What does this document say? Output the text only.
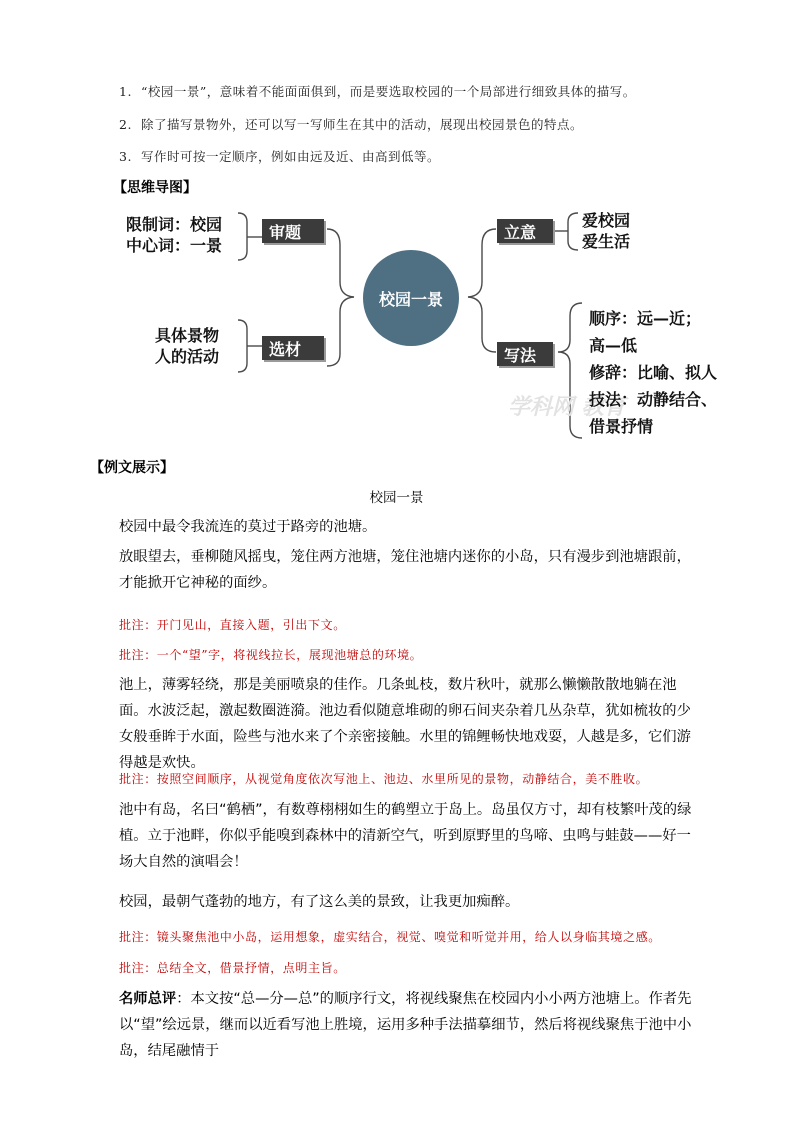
1. “校园一景”，意味着不能面面俱到，而是要选取校园的一个局部进行细致具体的描写。
2. 除了描写景物外，还可以写一写师生在其中的活动，展现出校园景色的特点。
3. 写作时可按一定顺序，例如由远及近、由高到低等。
【思维导图】
限制词：校园
中心词：一景
审题
具体景物
人的活动	选材
校园一景
立意
爱校园
爱生活
写法
学科网 教育
顺序：远—近；
高—低
修辞：比喻、拟人
技法：动静结合、
借景抒情
【例文展示】
校园一景
校园中最令我流连的莫过于路旁的池塘。
放眼望去，垂柳随风摇曳，笼住两方池塘，笼住池塘内迷你的小岛，只有漫步到池塘跟前，才能掀开它神秘的面纱。
批注：开门见山，直接入题，引出下文。
批注：一个“望”字，将视线拉长，展现池塘总的环境。
池上，薄雾轻绕，那是美丽喷泉的佳作。几条虬枝，数片秋叶，就那么懒懒散散地躺在池面。水波泛起，激起数圈涟漪。池边看似随意堆砌的卵石间夹杂着几丛杂草，犹如梳妆的少女般垂眸于水面，险些与池水来了个亲密接触。水里的锦鲤畅快地戏耍，人越是多，它们游得越是欢快。
批注：按照空间顺序，从视觉角度依次写池上、池边、水里所见的景物，动静结合，美不胜收。
池中有岛，名曰“鹤栖”，有数尊栩栩如生的鹤塑立于岛上。岛虽仅方寸，却有枝繁叶茂的绿植。立于池畔，你似乎能嗅到森林中的清新空气，听到原野里的鸟啼、虫鸣与蛙鼓——好一场大自然的演唱会！
校园，最朝气蓬勃的地方，有了这么美的景致，让我更加痴醉。
批注：镜头聚焦池中小岛，运用想象，虚实结合，视觉、嗅觉和听觉并用，给人以身临其境之感。
批注：总结全文，借景抒情，点明主旨。
名师总评：本文按“总—分—总”的顺序行文，将视线聚焦在校园内小小两方池塘上。作者先以“望”绘远景，继而以近看写池上胜境，运用多种手法描摹细节，然后将视线聚焦于池中小岛，结尾融情于
